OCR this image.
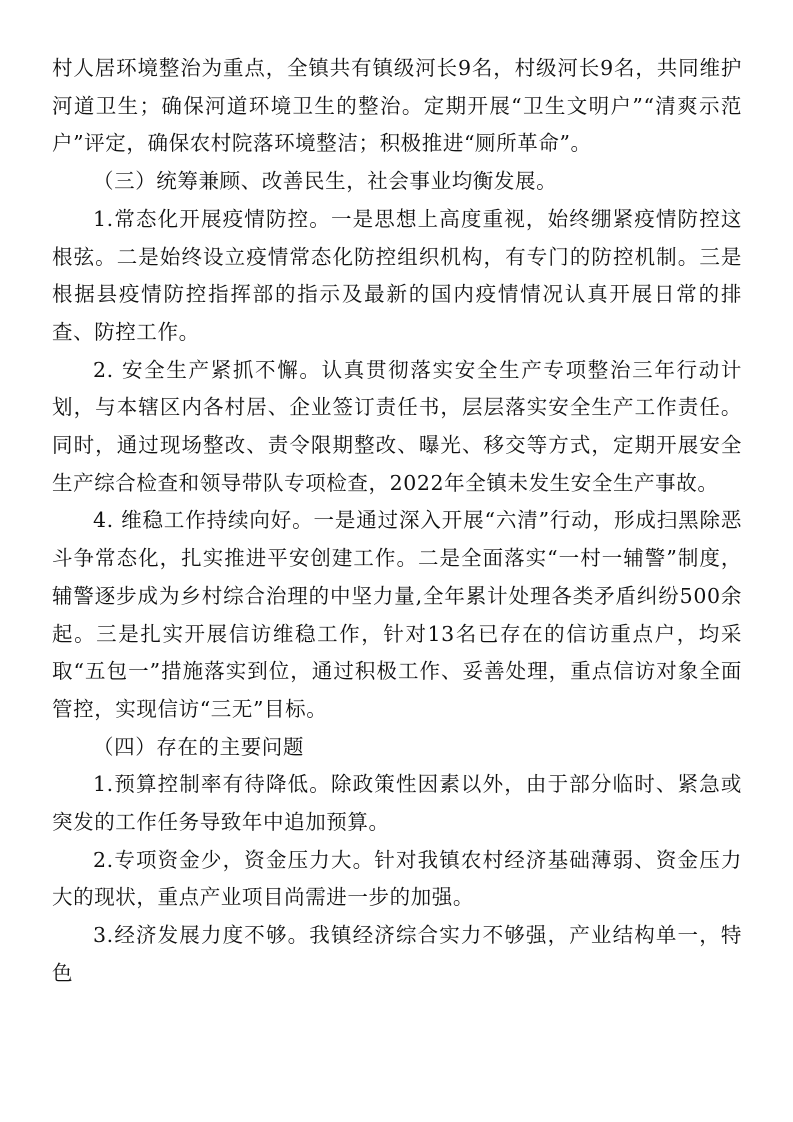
村人居环境整治为重点，全镇共有镇级河长9名，村级河长9名，共同维护河道卫生；确保河道环境卫生的整治。定期开展“卫生文明户”“清爽示范户”评定，确保农村院落环境整洁；积极推进“厕所革命”。

（三）统筹兼顾、改善民生，社会事业均衡发展。

1.常态化开展疫情防控。一是思想上高度重视，始终绷紧疫情防控这根弦。二是始终设立疫情常态化防控组织机构，有专门的防控机制。三是根据县疫情防控指挥部的指示及最新的国内疫情情况认真开展日常的排查、防控工作。

2. 安全生产紧抓不懈。认真贯彻落实安全生产专项整治三年行动计划，与本辖区内各村居、企业签订责任书，层层落实安全生产工作责任。同时，通过现场整改、责令限期整改、曝光、移交等方式，定期开展安全生产综合检查和领导带队专项检查，2022年全镇未发生安全生产事故。

4. 维稳工作持续向好。一是通过深入开展“六清”行动，形成扫黑除恶斗争常态化，扎实推进平安创建工作。二是全面落实“一村一辅警”制度，辅警逐步成为乡村综合治理的中坚力量,全年累计处理各类矛盾纠纷500余起。三是扎实开展信访维稳工作，针对13名已存在的信访重点户，均采取“五包一”措施落实到位，通过积极工作、妥善处理，重点信访对象全面管控，实现信访“三无”目标。

（四）存在的主要问题

1.预算控制率有待降低。除政策性因素以外，由于部分临时、紧急或突发的工作任务导致年中追加预算。

2.专项资金少，资金压力大。针对我镇农村经济基础薄弱、资金压力大的现状，重点产业项目尚需进一步的加强。

3.经济发展力度不够。我镇经济综合实力不够强，产业结构单一，特色
